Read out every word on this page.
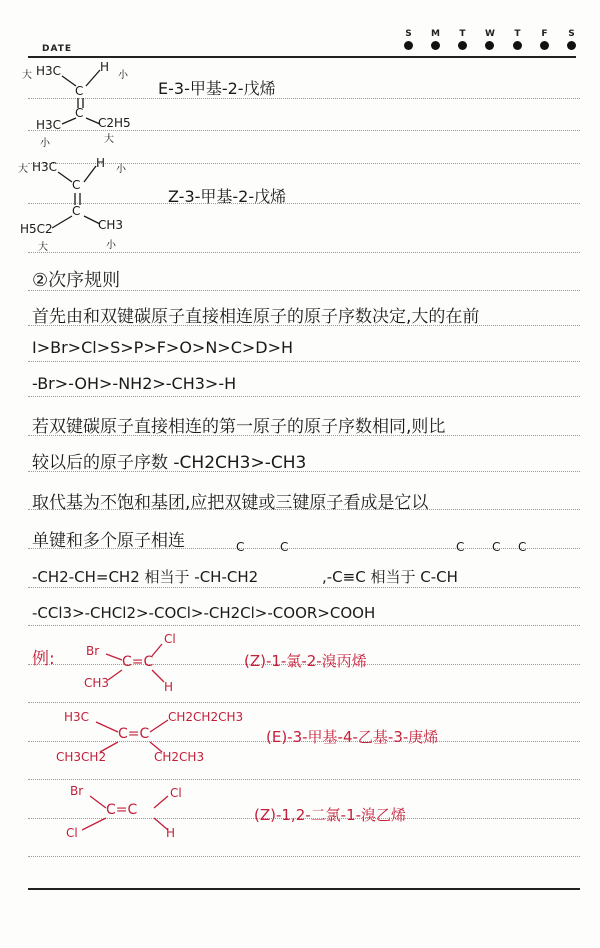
DATE
S M T W T F S
大 H3C	H
小
C
C
H3C
小
C2H5
大
E-3-甲基-2-戊烯
大 H3C	H 小
C
C
H5C2
大
CH3
小
Z-3-甲基-2-戊烯
②次序规则
首先由和双键碳原子直接相连原子的原子序数决定,大的在前
I>Br>Cl>S>P>F>O>N>C>D>H
-Br>-OH>-NH2>-CH3>-H
若双键碳原子直接相连的第一原子的原子序数相同,则比
较以后的原子序数 -CH2CH3>-CH3
取代基为不饱和基团,应把双键或三键原子看成是它以
单键和多个原子相连	C	C	C C C
-CH2-CH=CH2 相当于 -CH-CH2	,-C≡C 相当于 C-CH
-CCl3>-CHCl2>-COCl>-CH2Cl>-COOR>COOH
例:	Br
Cl
C=C
CH3	H
(Z)-1-氯-2-溴丙烯
H3C	CH2CH2CH3
C=C
CH3CH2	CH2CH3
(E)-3-甲基-4-乙基-3-庚烯
Br	Cl
C=C
Cl	H
(Z)-1,2-二氯-1-溴乙烯
